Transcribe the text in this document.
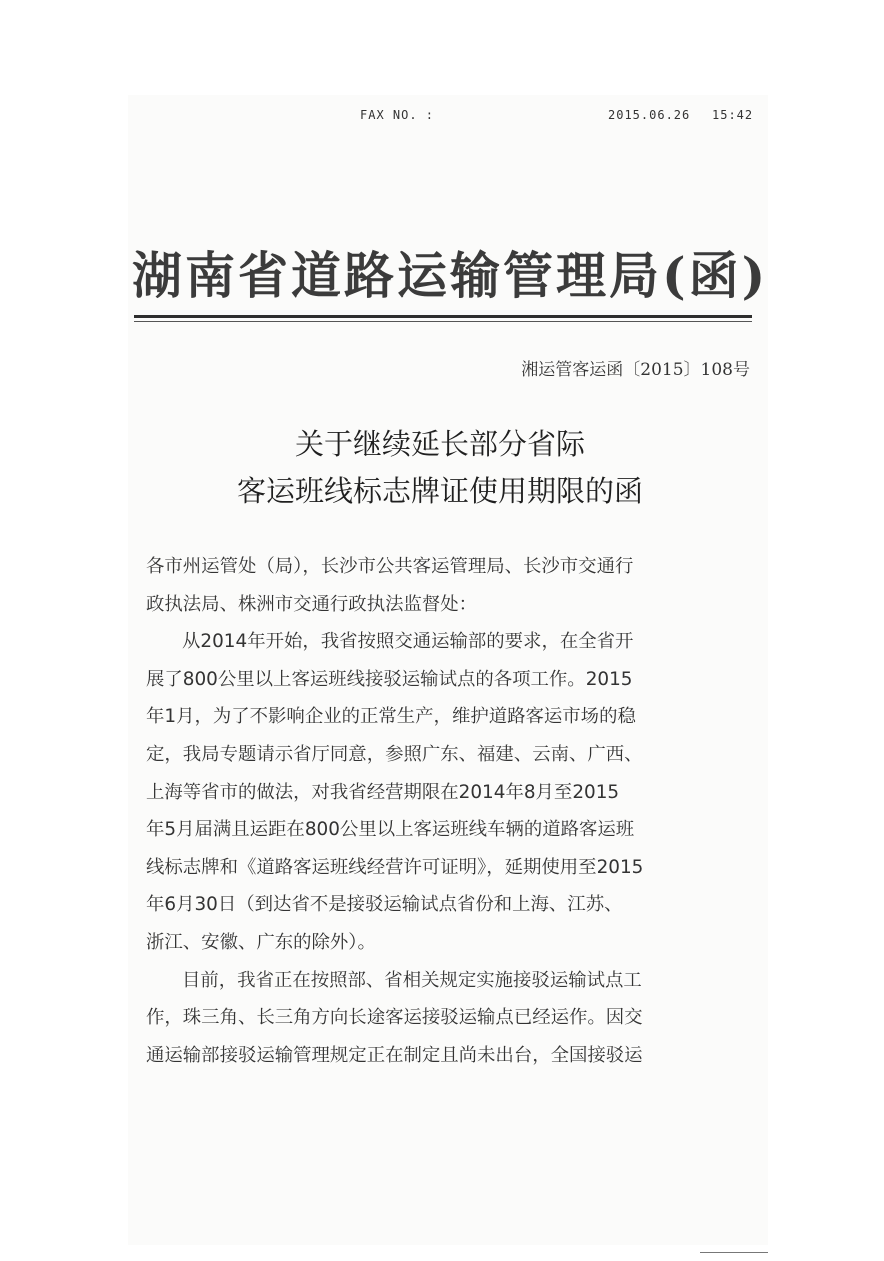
FAX NO. :	2015.06.26 15:42
湖南省道路运输管理局(函)
湘运管客运函〔2015〕108号
关于继续延长部分省际
客运班线标志牌证使用期限的函
各市州运管处（局），长沙市公共客运管理局、长沙市交通行
政执法局、株洲市交通行政执法监督处：
从2014年开始，我省按照交通运输部的要求，在全省开
展了800公里以上客运班线接驳运输试点的各项工作。2015
年1月，为了不影响企业的正常生产，维护道路客运市场的稳
定，我局专题请示省厅同意，参照广东、福建、云南、广西、
上海等省市的做法，对我省经营期限在2014年8月至2015
年5月届满且运距在800公里以上客运班线车辆的道路客运班
线标志牌和《道路客运班线经营许可证明》，延期使用至2015
年6月30日（到达省不是接驳运输试点省份和上海、江苏、
浙江、安徽、广东的除外）。
目前，我省正在按照部、省相关规定实施接驳运输试点工
作，珠三角、长三角方向长途客运接驳运输点已经运作。因交
通运输部接驳运输管理规定正在制定且尚未出台，全国接驳运
